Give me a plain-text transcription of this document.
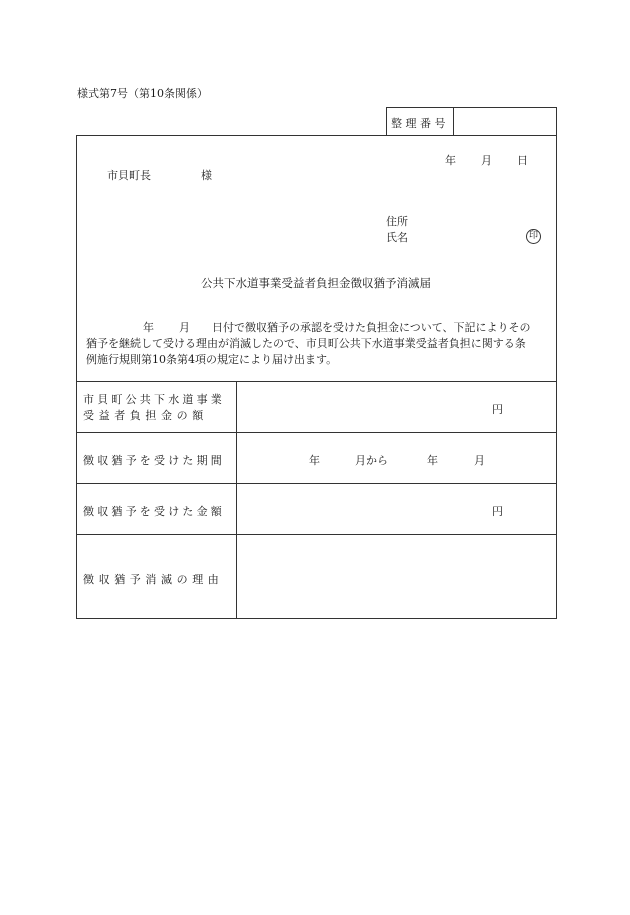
様式第7号（第10条関係）
整 理 番 号
年 月 日
市貝町長	様
住所
氏名	印
公共下水道事業受益者負担金徴収猶予消滅届
年 月 日付で徴収猶予の承認を受けた負担金について、下記によりその
猶予を継続して受ける理由が消滅したので、市貝町公共下水道事業受益者負担に関する条
例施行規則第10条第4項の規定により届け出ます。
市貝町公共下水道事業
受益者負担金の額	円
徴収猶予を受けた期間	年	月から	年	月
徴収猶予を受けた金額	円
徴収猶予消滅の理由
